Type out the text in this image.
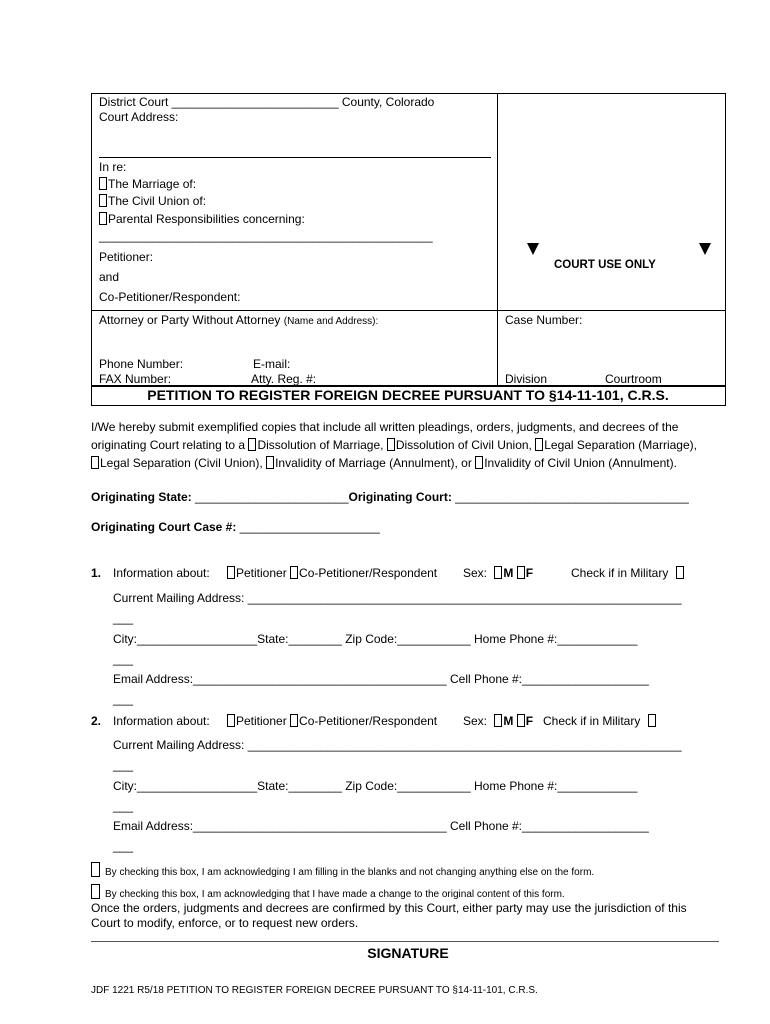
District Court _________________________ County, Colorado
Court Address:
In re:
The Marriage of:
The Civil Union of:
Parental Responsibilities concerning:
__________________________________________________
Petitioner:
and
Co-Petitioner/Respondent:
COURT USE ONLY
Attorney or Party Without Attorney (Name and Address):
Phone Number:	E-mail:
FAX Number:	Atty. Reg. #:
Case Number:
Division	Courtroom
PETITION TO REGISTER FOREIGN DECREE PURSUANT TO §14-11-101, C.R.S.
I/We hereby submit exemplified copies that include all written pleadings, orders, judgments, and decrees of the
originating Court relating to a Dissolution of Marriage, Dissolution of Civil Union, Legal Separation (Marriage),
Legal Separation (Civil Union), Invalidity of Marriage (Annulment), or Invalidity of Civil Union (Annulment).
Originating State: _______________________Originating Court: ___________________________________
Originating Court Case #: _____________________
1. Information about:	Petitioner Co-Petitioner/Respondent Sex: M F	Check if in Military
Current Mailing Address: _________________________________________________________________
___
City:__________________State:________ Zip Code:___________ Home Phone #:____________
___
Email Address:______________________________________ Cell Phone #:___________________
___
2. Information about:	Petitioner Co-Petitioner/Respondent Sex: M F Check if in Military
Current Mailing Address: _________________________________________________________________
___
City:__________________State:________ Zip Code:___________ Home Phone #:____________
___
Email Address:______________________________________ Cell Phone #:___________________
___
By checking this box, I am acknowledging I am filling in the blanks and not changing anything else on the form.
By checking this box, I am acknowledging that I have made a change to the original content of this form.
Once the orders, judgments and decrees are confirmed by this Court, either party may use the jurisdiction of this
Court to modify, enforce, or to request new orders.
SIGNATURE
JDF 1221 R5/18 PETITION TO REGISTER FOREIGN DECREE PURSUANT TO §14-11-101, C.R.S.
